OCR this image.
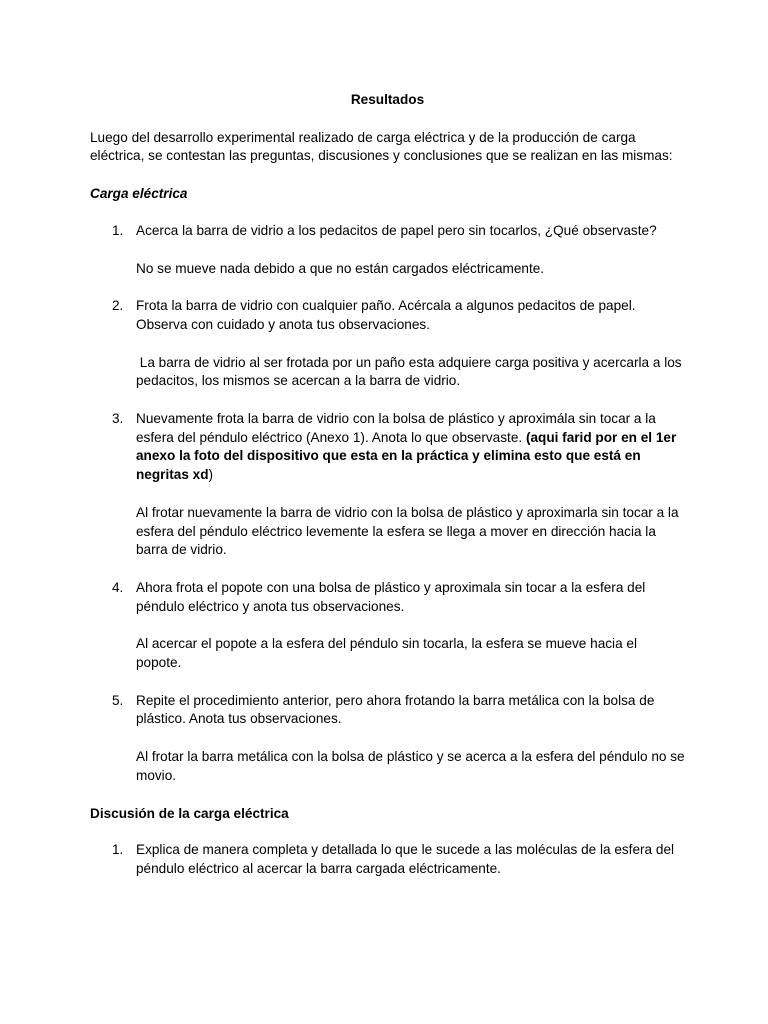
Resultados
Luego del desarrollo experimental realizado de carga eléctrica y de la producción de carga eléctrica, se contestan las preguntas, discusiones y conclusiones que se realizan en las mismas:
Carga eléctrica
1. Acerca la barra de vidrio a los pedacitos de papel pero sin tocarlos, ¿Qué observaste?
No se mueve nada debido a que no están cargados eléctricamente.
2. Frota la barra de vidrio con cualquier paño. Acércala a algunos pedacitos de papel. Observa con cuidado y anota tus observaciones.
La barra de vidrio al ser frotada por un paño esta adquiere carga positiva y acercarla a los pedacitos, los mismos se acercan a la barra de vidrio.
3. Nuevamente frota la barra de vidrio con la bolsa de plástico y aproximála sin tocar a la esfera del péndulo eléctrico (Anexo 1). Anota lo que observaste. (aqui farid por en el 1er anexo la foto del dispositivo que esta en la práctica y elimina esto que está en negritas xd)
Al frotar nuevamente la barra de vidrio con la bolsa de plástico y aproximarla sin tocar a la esfera del péndulo eléctrico levemente la esfera se llega a mover en dirección hacia la barra de vidrio.
4. Ahora frota el popote con una bolsa de plástico y aproximala sin tocar a la esfera del péndulo eléctrico y anota tus observaciones.
Al acercar el popote a la esfera del péndulo sin tocarla, la esfera se mueve hacia el popote.
5. Repite el procedimiento anterior, pero ahora frotando la barra metálica con la bolsa de plástico. Anota tus observaciones.
Al frotar la barra metálica con la bolsa de plástico y se acerca a la esfera del péndulo no se movio.
Discusión de la carga eléctrica
1. Explica de manera completa y detallada lo que le sucede a las moléculas de la esfera del péndulo eléctrico al acercar la barra cargada eléctricamente.
